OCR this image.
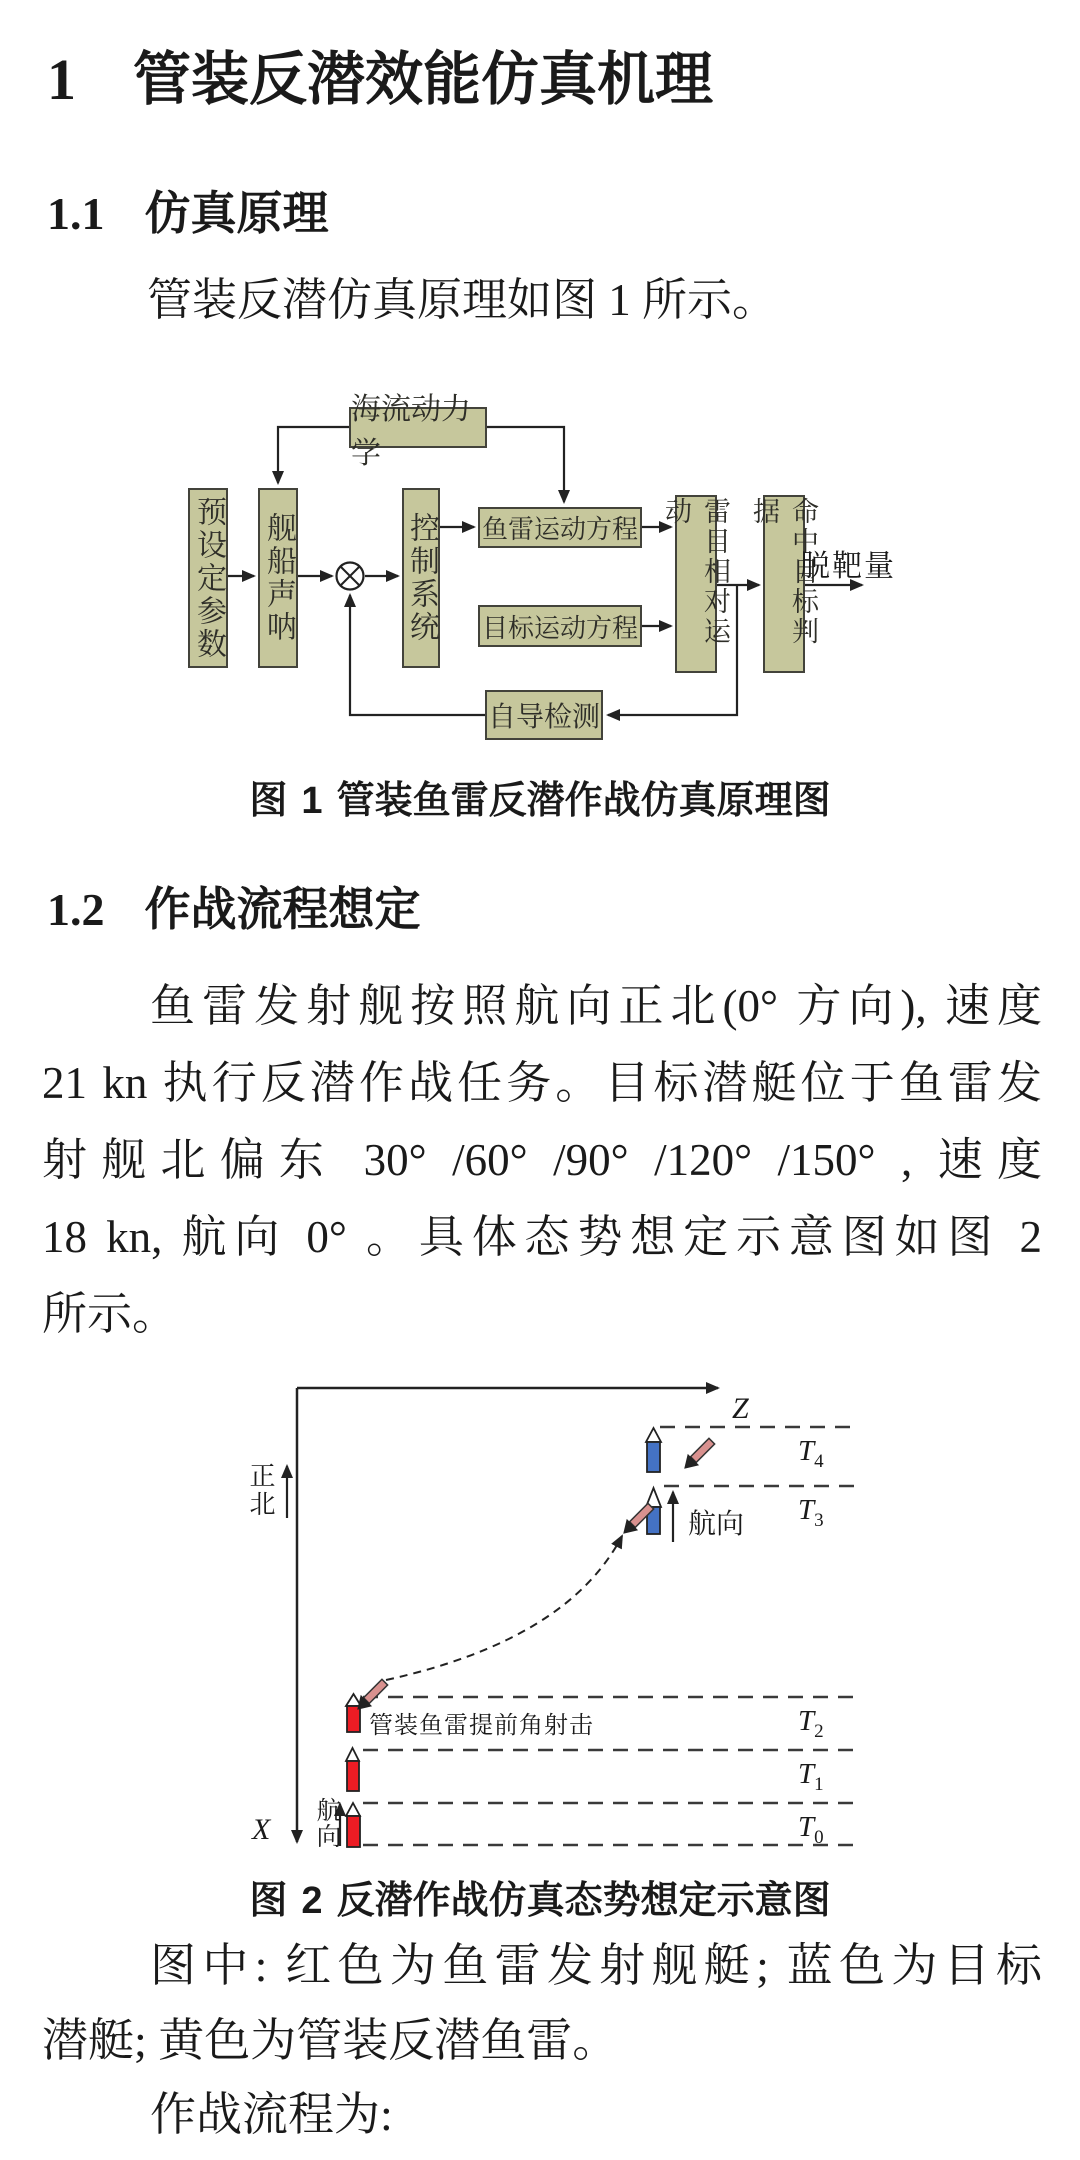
1 管装反潜效能仿真机理
1.1 仿真原理
管装反潜仿真原理如图 1 所示。
海流动力学
预设定参数 舰船声呐	控制系统 鱼雷运动方程
目标运动方程	雷目相对运动	命中目标判据
自导检测
脱靶量
图 1 管装鱼雷反潜作战仿真原理图
1.2 作战流程想定
鱼雷发射舰按照航向正北(0° 方向), 速度
21 kn 执行反潜作战任务。目标潜艇位于鱼雷发
射舰北偏东 30° /60° /90° /120° /150° , 速度
18 kn, 航向 0° 。具体态势想定示意图如图 2
所示。
Z
X
正北
航向
航向
管装鱼雷提前角射击
$T_4$
$T_3$
$T_2$
$T_1$
$T_0$
图 2 反潜作战仿真态势想定示意图
图中: 红色为鱼雷发射舰艇; 蓝色为目标
潜艇; 黄色为管装反潜鱼雷。
作战流程为:
